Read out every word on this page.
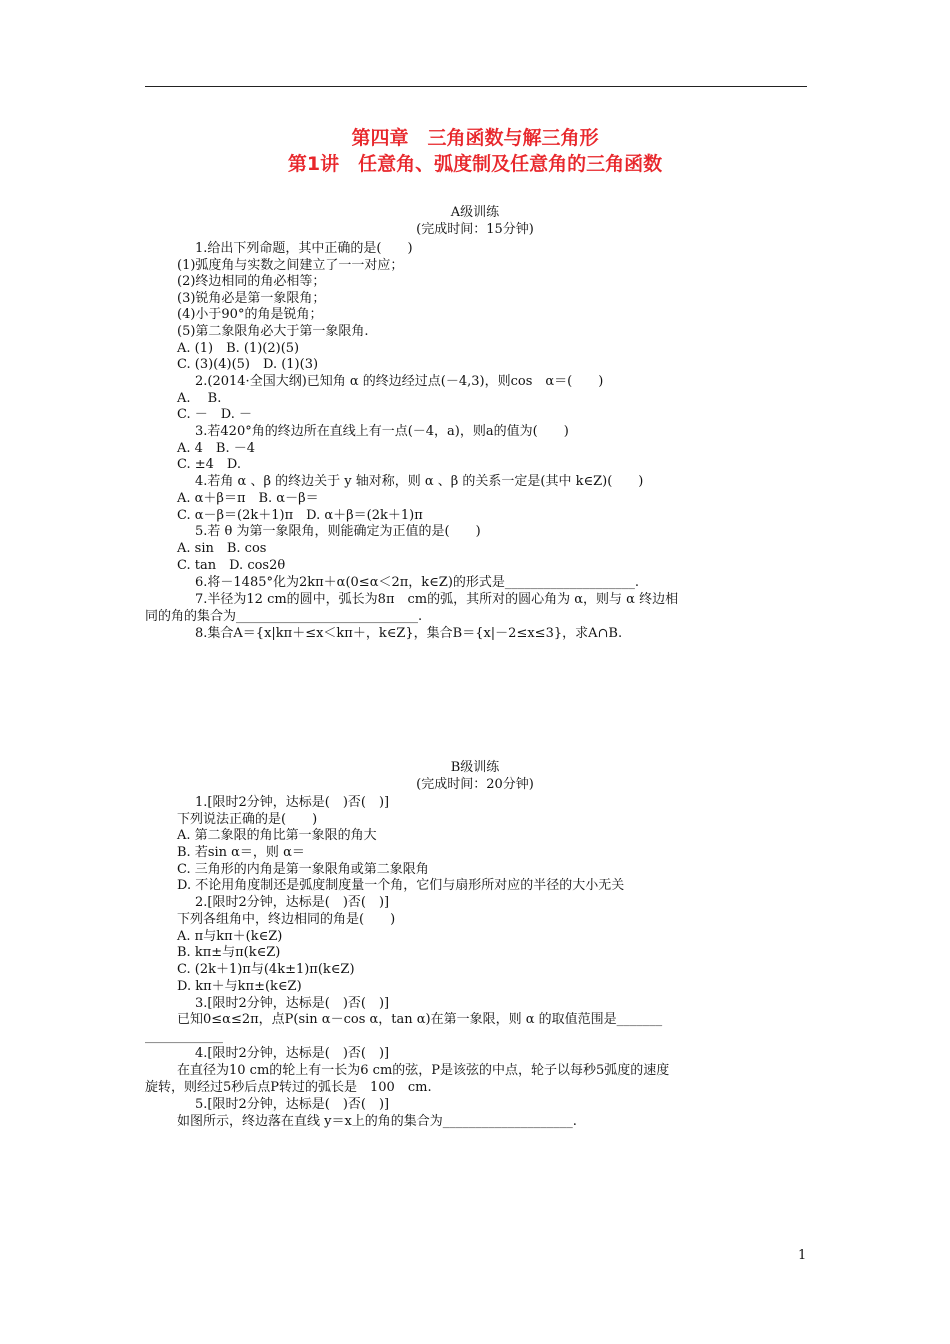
第四章　三角函数与解三角形
第1讲　任意角、弧度制及任意角的三角函数
A级训练
(完成时间：15分钟)
1.给出下列命题，其中正确的是(　　)
(1)弧度角与实数之间建立了一一对应；
(2)终边相同的角必相等；
(3)锐角必是第一象限角；
(4)小于90°的角是锐角；
(5)第二象限角必大于第一象限角.
A. (1)　B. (1)(2)(5)
C. (3)(4)(5)　D. (1)(3)
2.(2014·全国大纲)已知角 α 的终边经过点(－4,3)，则cos　α＝(　　)
A. 　B.
C. －　D. －
3.若420°角的终边所在直线上有一点(－4，a)，则a的值为(　　)
A. 4　B. －4
C. ±4　D.
4.若角 α 、β 的终边关于 y 轴对称，则 α 、β 的关系一定是(其中 k∈Z)(　　)
A. α＋β＝π　B. α－β＝
C. α－β＝(2k＋1)π　D. α＋β＝(2k＋1)π
5.若 θ 为第一象限角，则能确定为正值的是(　　)
A. sin　B. cos
C. tan　D. cos2θ
6.将－1485°化为2kπ＋α(0≤α＜2π，k∈Z)的形式是____________________.
7.半径为12 cm的圆中，弧长为8π　cm的弧，其所对的圆心角为 α，则与 α 终边相
同的角的集合为____________________________.
8.集合A＝{x|kπ＋≤x＜kπ＋，k∈Z}，集合B＝{x|－2≤x≤3}，求A∩B.
B级训练
(完成时间：20分钟)
1.[限时2分钟，达标是(　)否(　)]
下列说法正确的是(　　)
A. 第二象限的角比第一象限的角大
B. 若sin α＝，则 α＝
C. 三角形的内角是第一象限角或第二象限角
D. 不论用角度制还是弧度制度量一个角，它们与扇形所对应的半径的大小无关
2.[限时2分钟，达标是(　)否(　)]
下列各组角中，终边相同的角是(　　)
A. π与kπ＋(k∈Z)
B. kπ±与π(k∈Z)
C. (2k＋1)π与(4k±1)π(k∈Z)
D. kπ＋与kπ±(k∈Z)
3.[限时2分钟，达标是(　)否(　)]
已知0≤α≤2π，点P(sin α－cos α，tan α)在第一象限，则 α 的取值范围是_______
____________
4.[限时2分钟，达标是(　)否(　)]
在直径为10 cm的轮上有一长为6 cm的弦，P是该弦的中点，轮子以每秒5弧度的速度
旋转，则经过5秒后点P转过的弧长是　100　cm.
5.[限时2分钟，达标是(　)否(　)]
如图所示，终边落在直线 y＝x上的角的集合为____________________.
1
